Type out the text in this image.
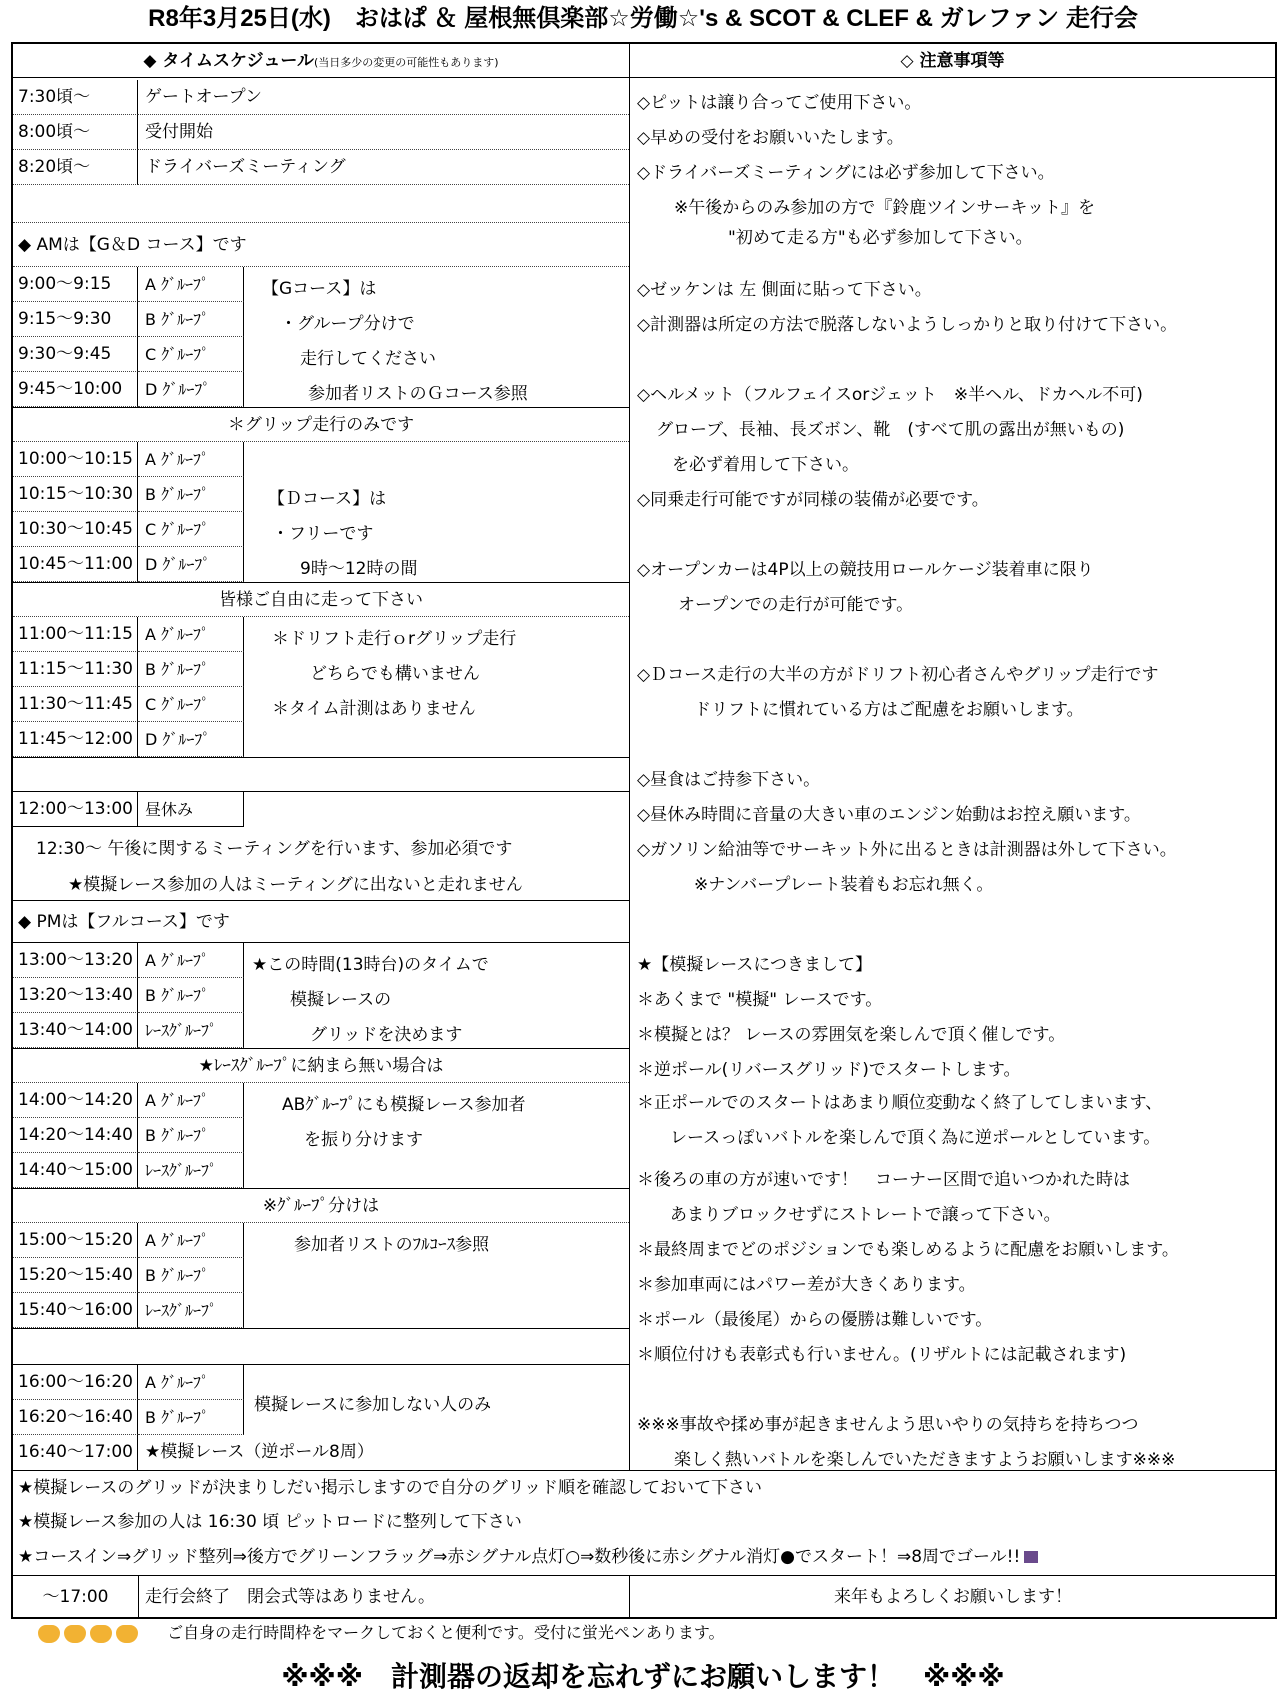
R8年3月25日(水)　おはぱ ＆ 屋根無倶楽部☆労働☆'s & SCOT & CLEF & ガレファン 走行会
◆ タイムスケジュール(当日多少の変更の可能性もあります)	◇ 注意事項等
7:30頃〜	ゲートオープン
8:00頃〜	受付開始
8:20頃〜	ドライバーズミーティング
◆ AMは【G＆D コース】です
9:00〜9:15	A ｸﾞﾙｰﾌﾟ
9:15〜9:30	B ｸﾞﾙｰﾌﾟ
9:30〜9:45	C ｸﾞﾙｰﾌﾟ
9:45〜10:00	D ｸﾞﾙｰﾌﾟ
【Gコース】は
・グループ分けで
走行してください
参加者リストのＧコース参照
＊グリップ走行のみです
10:00〜10:15 A ｸﾞﾙｰﾌﾟ
10:15〜10:30 B ｸﾞﾙｰﾌﾟ
10:30〜10:45 C ｸﾞﾙｰﾌﾟ
10:45〜11:00 D ｸﾞﾙｰﾌﾟ
【Ｄコース】は
・フリーです
9時〜12時の間
皆様ご自由に走って下さい
11:00〜11:15 A ｸﾞﾙｰﾌﾟ
11:15〜11:30 B ｸﾞﾙｰﾌﾟ
11:30〜11:45 C ｸﾞﾙｰﾌﾟ
11:45〜12:00 D ｸﾞﾙｰﾌﾟ
＊ドリフト走行ｏrグリップ走行
どちらでも構いません
＊タイム計測はありません
12:00〜13:00 昼休み
12:30〜 午後に関するミーティングを行います、参加必須です
★模擬レース参加の人はミーティングに出ないと走れません
◆ PMは【フルコース】です
13:00〜13:20 A ｸﾞﾙｰﾌﾟ
13:20〜13:40 B ｸﾞﾙｰﾌﾟ
13:40〜14:00 ﾚｰｽｸﾞﾙｰﾌﾟ
★この時間(13時台)のタイムで
模擬レースの
グリッドを決めます
★ﾚｰｽｸﾞﾙｰﾌﾟに納まら無い場合は
14:00〜14:20 A ｸﾞﾙｰﾌﾟ
14:20〜14:40 B ｸﾞﾙｰﾌﾟ
14:40〜15:00 ﾚｰｽｸﾞﾙｰﾌﾟ
ABｸﾞﾙｰﾌﾟにも模擬レース参加者
を振り分けます
※ｸﾞﾙｰﾌﾟ分けは
15:00〜15:20 A ｸﾞﾙｰﾌﾟ
15:20〜15:40 B ｸﾞﾙｰﾌﾟ
15:40〜16:00 ﾚｰｽｸﾞﾙｰﾌﾟ
参加者リストのﾌﾙｺｰｽ参照
16:00〜16:20 A ｸﾞﾙｰﾌﾟ
16:20〜16:40 B ｸﾞﾙｰﾌﾟ
模擬レースに参加しない人のみ
16:40〜17:00 ★模擬レース（逆ポール8周）
◇ピットは譲り合ってご使用下さい。
◇早めの受付をお願いいたします。
◇ドライバーズミーティングには必ず参加して下さい。
※午後からのみ参加の方で『鈴鹿ツインサーキット』を
"初めて走る方"も必ず参加して下さい。
◇ゼッケンは 左 側面に貼って下さい。
◇計測器は所定の方法で脱落しないようしっかりと取り付けて下さい。
◇ヘルメット（フルフェイスorジェット　※半ヘル、ドカヘル不可)
グローブ、長袖、長ズボン、靴　(すべて肌の露出が無いもの)
を必ず着用して下さい。
◇同乗走行可能ですが同様の装備が必要です。
◇オープンカーは4P以上の競技用ロールケージ装着車に限り
オープンでの走行が可能です。
◇Ｄコース走行の大半の方がドリフト初心者さんやグリップ走行です
ドリフトに慣れている方はご配慮をお願いします。
◇昼食はご持参下さい。
◇昼休み時間に音量の大きい車のエンジン始動はお控え願います。
◇ガソリン給油等でサーキット外に出るときは計測器は外して下さい。
※ナンバープレート装着もお忘れ無く。
★【模擬レースにつきまして】
＊あくまで "模擬" レースです。
＊模擬とは？ レースの雰囲気を楽しんで頂く催しです。
＊逆ポール(リバースグリッド)でスタートします。
＊正ポールでのスタートはあまり順位変動なく終了してしまいます、
レースっぽいバトルを楽しんで頂く為に逆ポールとしています。
＊後ろの車の方が速いです！　コーナー区間で追いつかれた時は
あまりブロックせずにストレートで譲って下さい。
＊最終周までどのポジションでも楽しめるように配慮をお願いします。
＊参加車両にはパワー差が大きくあります。
＊ポール（最後尾）からの優勝は難しいです。
＊順位付けも表彰式も行いません。(リザルトには記載されます)
※※※事故や揉め事が起きませんよう思いやりの気持ちを持ちつつ
楽しく熱いバトルを楽しんでいただきますようお願いします※※※
★模擬レースのグリッドが決まりしだい掲示しますので自分のグリッド順を確認しておいて下さい
★模擬レース参加の人は 16:30 頃 ピットロードに整列して下さい
★コースイン⇒グリッド整列⇒後方でグリーンフラッグ⇒赤シグナル点灯○⇒数秒後に赤シグナル消灯●でスタート！⇒8周でゴール!!
〜17:00	走行会終了　閉会式等はありません。	来年もよろしくお願いします！
ご自身の走行時間枠をマークしておくと便利です。受付に蛍光ペンあります。
※※※　計測器の返却を忘れずにお願いします！　※※※
